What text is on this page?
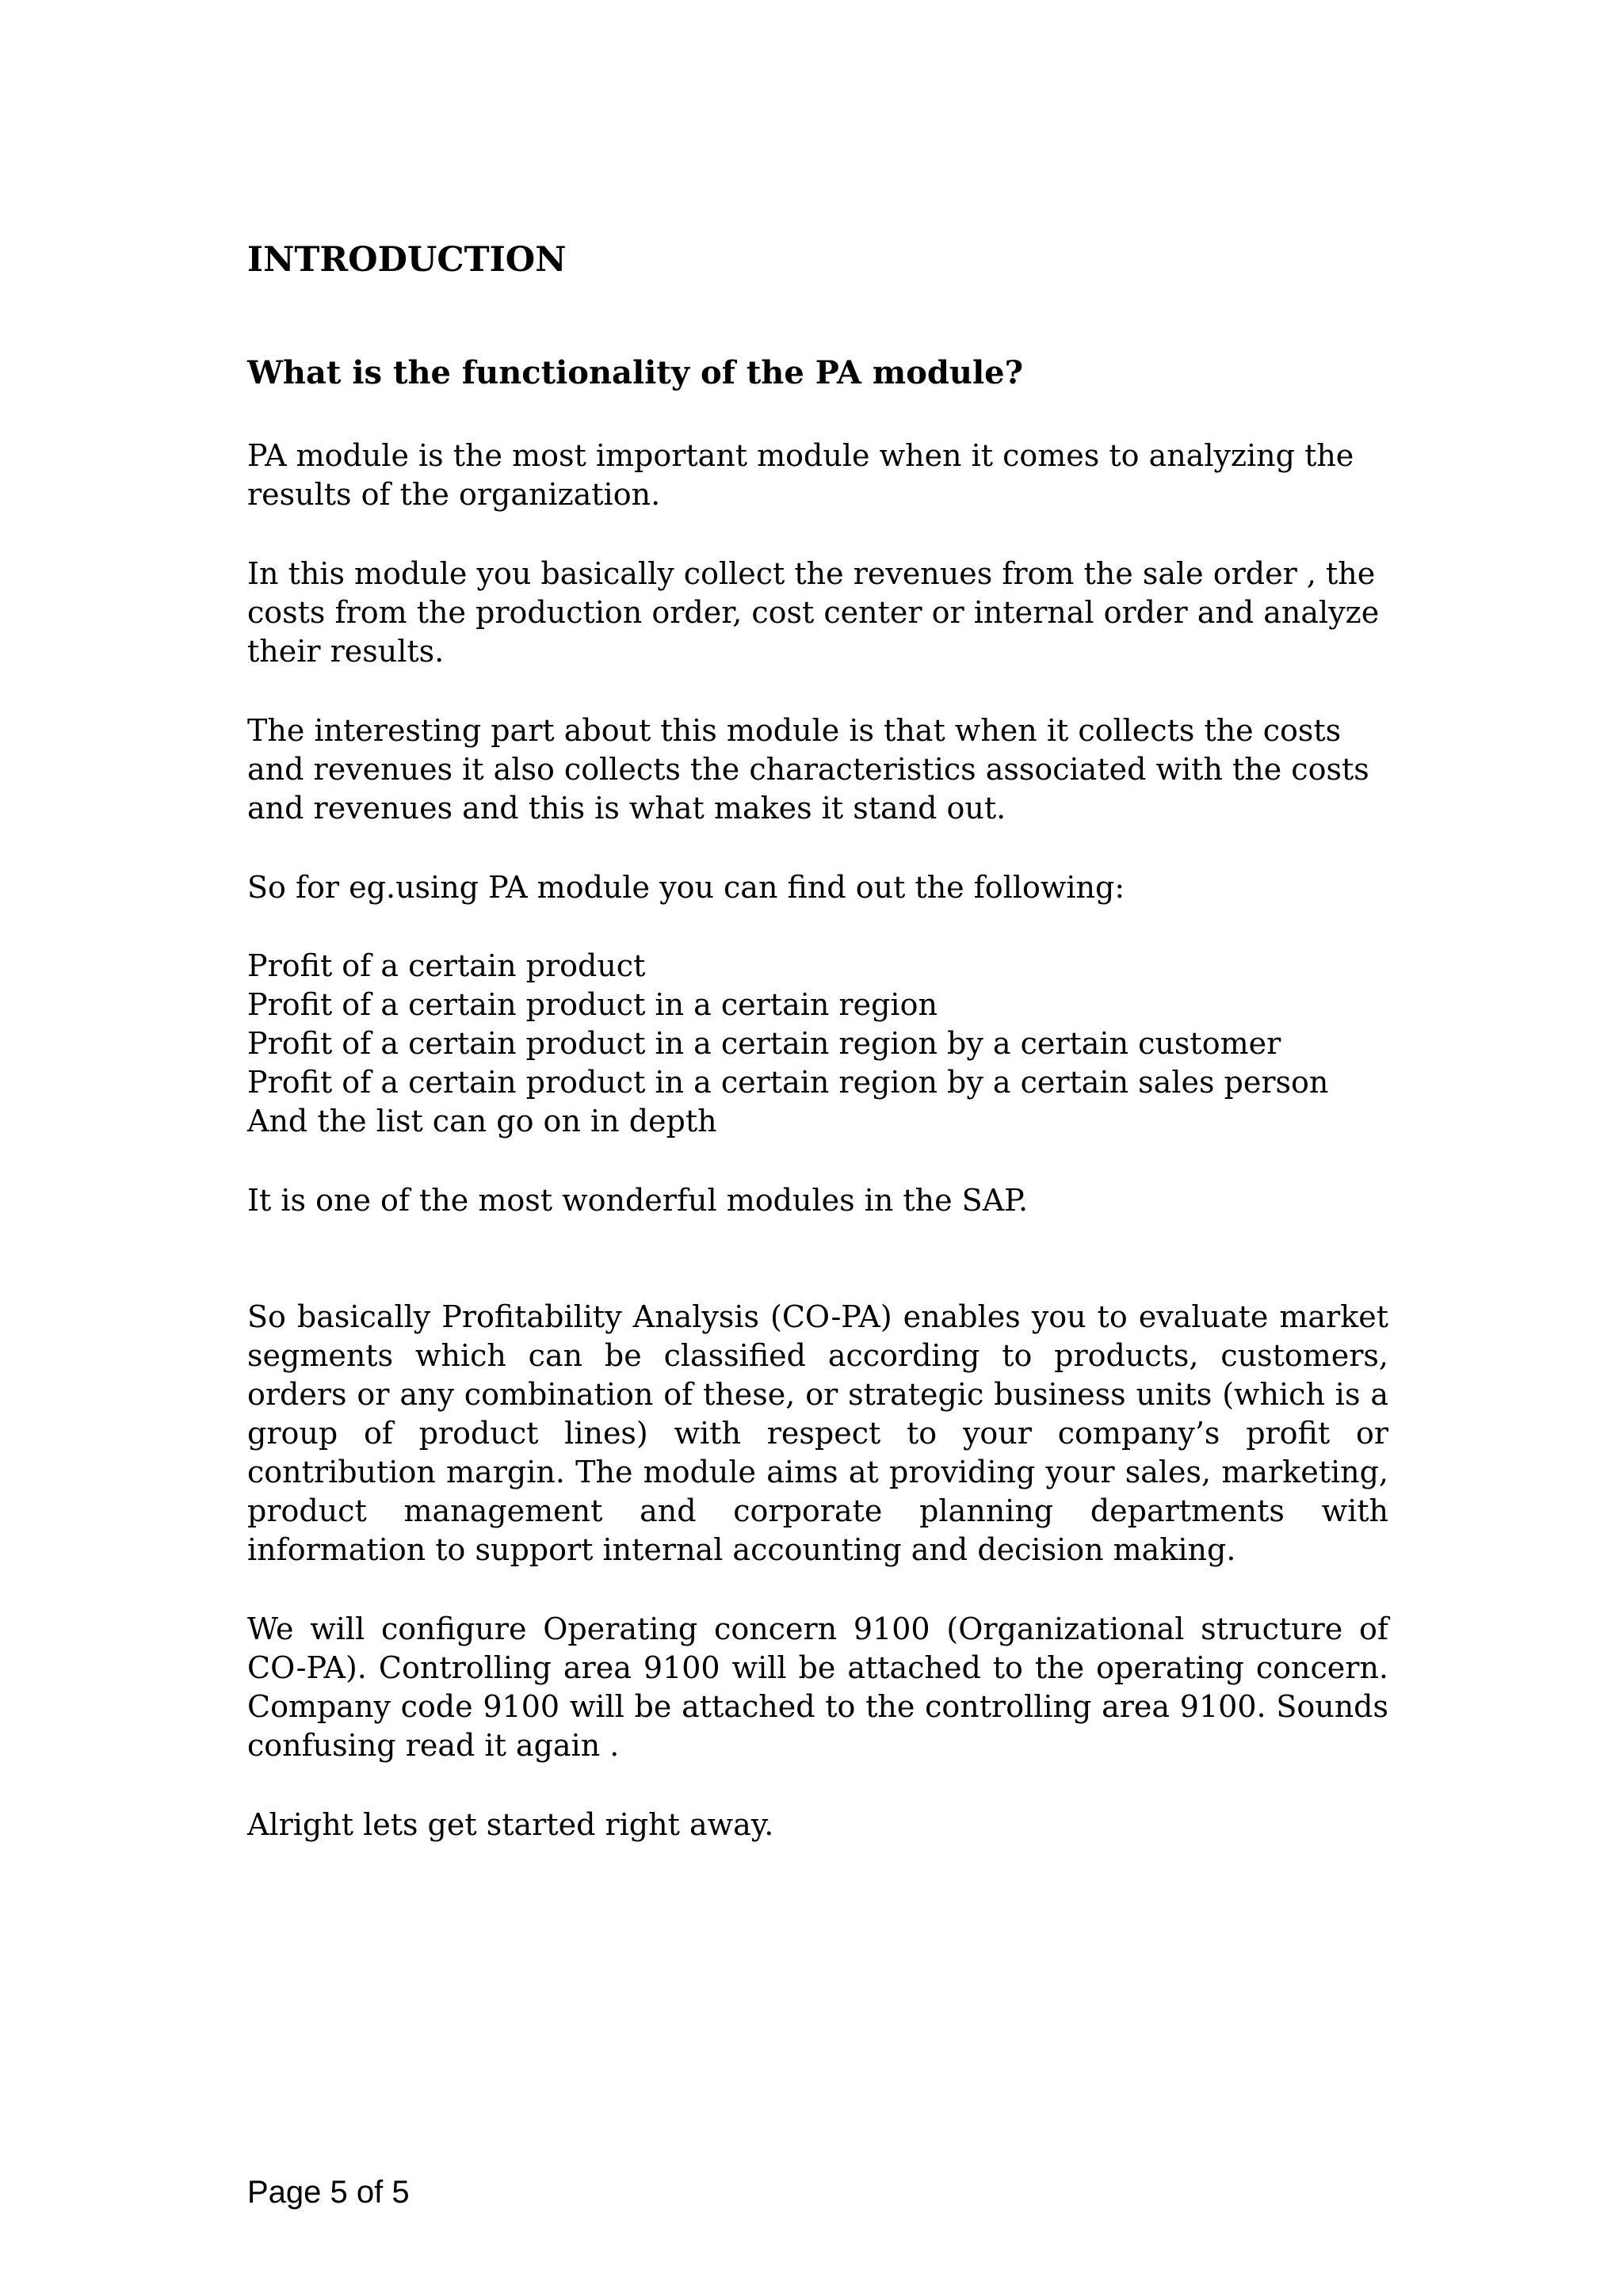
INTRODUCTION
What is the functionality of the PA module?
PA module is the most important module when it comes to analyzing the results of the organization.
In this module you basically collect the revenues from the sale order , the costs from the production order, cost center or internal order and analyze their results.
The interesting part about this module is that when it collects the costs and revenues it also collects the characteristics associated with the costs and revenues and this is what makes it stand out.
So for eg.using PA module you can find out the following:
Profit of a certain product
Profit of a certain product in a certain region
Profit of a certain product in a certain region by a certain customer
Profit of a certain product in a certain region by a certain sales person
And the list can go on in depth
It is one of the most wonderful modules in the SAP.
So basically Profitability Analysis (CO-PA) enables you to evaluate market segments which can be classified according to products, customers, orders or any combination of these, or strategic business units (which is a group of product lines) with respect to your company’s profit or contribution margin. The module aims at providing your sales, marketing, product management and corporate planning departments with information to support internal accounting and decision making.
We will configure Operating concern 9100 (Organizational structure of CO-PA). Controlling area 9100 will be attached to the operating concern. Company code 9100 will be attached to the controlling area 9100. Sounds confusing read it again .
Alright lets get started right away.
Page 5 of 5
